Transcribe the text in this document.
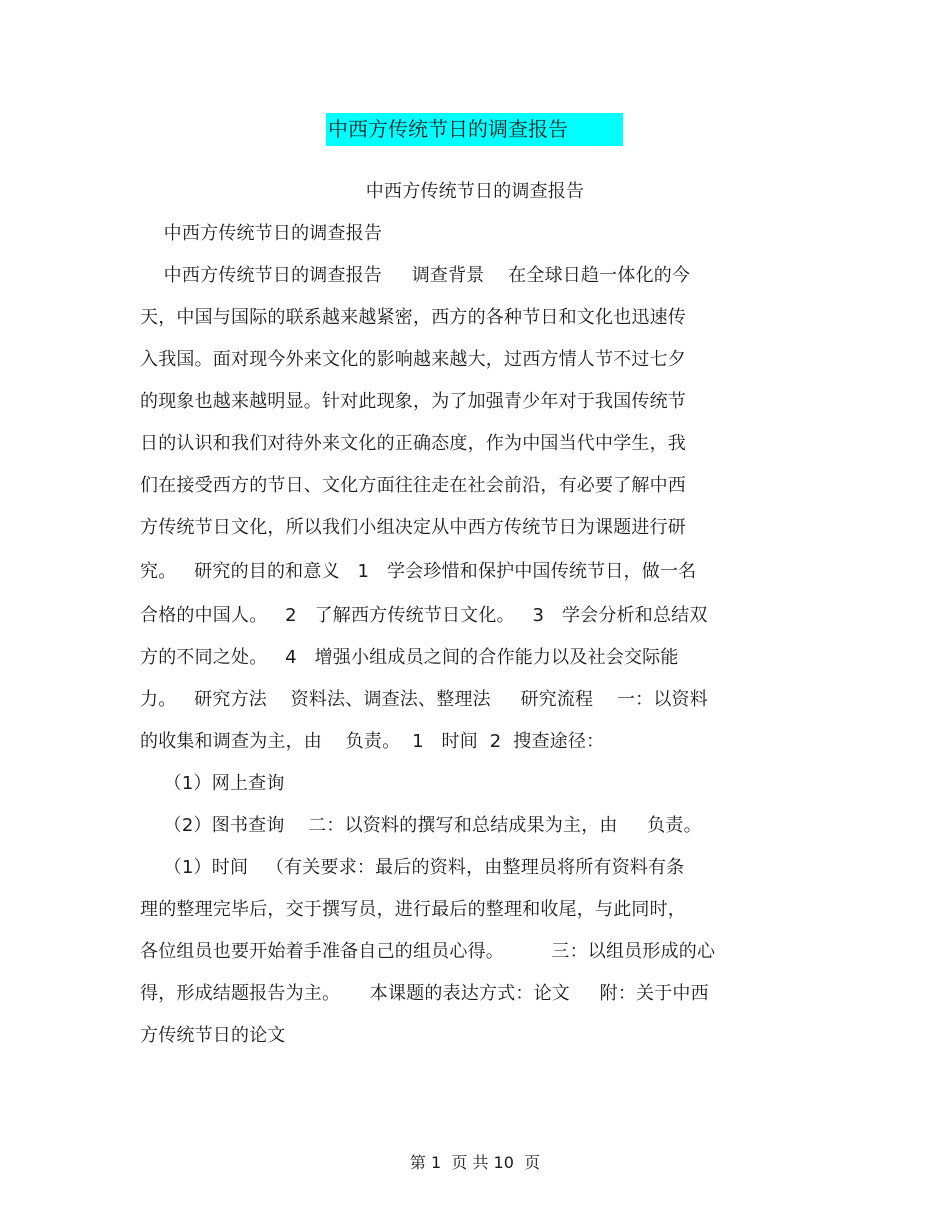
中西方传统节日的调查报告
中西方传统节日的调查报告
中西方传统节日的调查报告
中西方传统节日的调查报告     调查背景    在全球日趋一体化的今
天，中国与国际的联系越来越紧密，西方的各种节日和文化也迅速传
入我国。面对现今外来文化的影响越来越大，过西方情人节不过七夕
的现象也越来越明显。针对此现象，为了加强青少年对于我国传统节
日的认识和我们对待外来文化的正确态度，作为中国当代中学生，我
们在接受西方的节日、文化方面往往走在社会前沿，有必要了解中西
方传统节日文化，所以我们小组决定从中西方传统节日为课题进行研
究。   研究的目的和意义   1   学会珍惜和保护中国传统节日，做一名
合格的中国人。   2   了解西方传统节日文化。   3   学会分析和总结双
方的不同之处。   4   增强小组成员之间的合作能力以及社会交际能
力。   研究方法    资料法、调查法、整理法     研究流程    一：以资料
的收集和调查为主，由    负责。  1   时间  2  搜查途径：
（1）网上查询
（2）图书查询    二：以资料的撰写和总结成果为主，由     负责。
（1）时间   （有关要求：最后的资料，由整理员将所有资料有条
理的整理完毕后，交于撰写员，进行最后的整理和收尾，与此同时，
各位组员也要开始着手准备自己的组员心得。        三：以组员形成的心
得，形成结题报告为主。     本课题的表达方式：论文     附：关于中西
方传统节日的论文
第 1  页 共 10  页
